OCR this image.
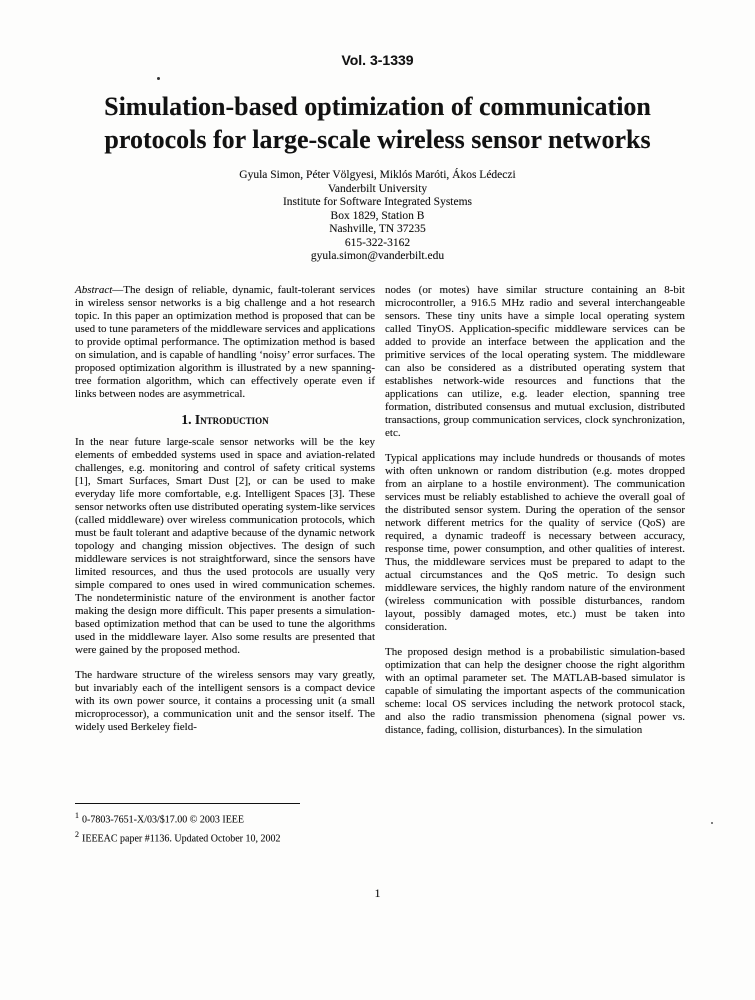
Vol. 3-1339
Simulation-based optimization of communication
protocols for large-scale wireless sensor networks
Gyula Simon, Péter Völgyesi, Miklós Maróti, Ákos Lédeczi
Vanderbilt University
Institute for Software Integrated Systems
Box 1829, Station B
Nashville, TN 37235
615-322-3162
gyula.simon@vanderbilt.edu

Abstract—The design of reliable, dynamic, fault-tolerant services in wireless sensor networks is a big challenge and a hot research topic. In this paper an optimization method is proposed that can be used to tune parameters of the middleware services and applications to provide optimal performance. The optimization method is based on simulation, and is capable of handling ‘noisy’ error surfaces. The proposed optimization algorithm is illustrated by a new spanning-tree formation algorithm, which can effectively operate even if links between nodes are asymmetrical.

1. Introduction

In the near future large-scale sensor networks will be the key elements of embedded systems used in space and aviation-related challenges, e.g. monitoring and control of safety critical systems [1], Smart Surfaces, Smart Dust [2], or can be used to make everyday life more comfortable, e.g. Intelligent Spaces [3]. These sensor networks often use distributed operating system-like services (called middleware) over wireless communication protocols, which must be fault tolerant and adaptive because of the dynamic network topology and changing mission objectives. The design of such middleware services is not straightforward, since the sensors have limited resources, and thus the used protocols are usually very simple compared to ones used in wired communication schemes. The nondeterministic nature of the environment is another factor making the design more difficult. This paper presents a simulation-based optimization method that can be used to tune the algorithms used in the middleware layer. Also some results are presented that were gained by the proposed method.

The hardware structure of the wireless sensors may vary greatly, but invariably each of the intelligent sensors is a compact device with its own power source, it contains a processing unit (a small microprocessor), a communication unit and the sensor itself. The widely used Berkeley field-

nodes (or motes) have similar structure containing an 8-bit microcontroller, a 916.5 MHz radio and several interchangeable sensors. These tiny units have a simple local operating system called TinyOS. Application-specific middleware services can be added to provide an interface between the application and the primitive services of the local operating system. The middleware can also be considered as a distributed operating system that establishes network-wide resources and functions that the applications can utilize, e.g. leader election, spanning tree formation, distributed consensus and mutual exclusion, distributed transactions, group communication services, clock synchronization, etc.

Typical applications may include hundreds or thousands of motes with often unknown or random distribution (e.g. motes dropped from an airplane to a hostile environment). The communication services must be reliably established to achieve the overall goal of the distributed sensor system. During the operation of the sensor network different metrics for the quality of service (QoS) are required, a dynamic tradeoff is necessary between accuracy, response time, power consumption, and other qualities of interest. Thus, the middleware services must be prepared to adapt to the actual circumstances and the QoS metric. To design such middleware services, the highly random nature of the environment (wireless communication with possible disturbances, random layout, possibly damaged motes, etc.) must be taken into consideration.

The proposed design method is a probabilistic simulation-based optimization that can help the designer choose the right algorithm with an optimal parameter set. The MATLAB-based simulator is capable of simulating the important aspects of the communication scheme: local OS services including the network protocol stack, and also the radio transmission phenomena (signal power vs. distance, fading, collision, disturbances). In the simulation

$^1$ 0-7803-7651-X/03/$17.00 © 2003 IEEE
$^2$ IEEEAC paper #1136. Updated October 10, 2002
1
